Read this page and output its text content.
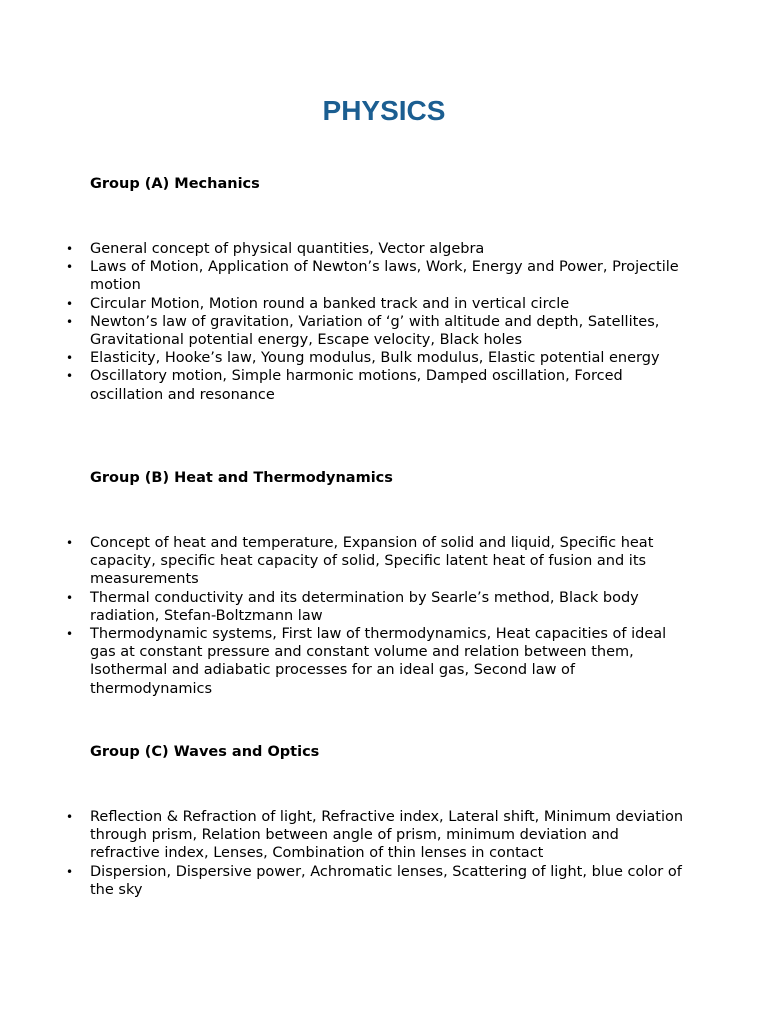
PHYSICS
Group (A) Mechanics
• General concept of physical quantities, Vector algebra
• Laws of Motion, Application of Newton’s laws, Work, Energy and Power, Projectile motion
• Circular Motion, Motion round a banked track and in vertical circle
• Newton’s law of gravitation, Variation of ‘g’ with altitude and depth, Satellites, Gravitational potential energy, Escape velocity, Black holes
• Elasticity, Hooke’s law, Young modulus, Bulk modulus, Elastic potential energy
• Oscillatory motion, Simple harmonic motions, Damped oscillation, Forced oscillation and resonance
Group (B) Heat and Thermodynamics
• Concept of heat and temperature, Expansion of solid and liquid, Specific heat capacity, specific heat capacity of solid, Specific latent heat of fusion and its measurements
• Thermal conductivity and its determination by Searle’s method, Black body radiation, Stefan-Boltzmann law
• Thermodynamic systems, First law of thermodynamics, Heat capacities of ideal gas at constant pressure and constant volume and relation between them, Isothermal and adiabatic processes for an ideal gas, Second law of thermodynamics
Group (C) Waves and Optics
• Reflection & Refraction of light, Refractive index, Lateral shift, Minimum deviation through prism, Relation between angle of prism, minimum deviation and refractive index, Lenses, Combination of thin lenses in contact
• Dispersion, Dispersive power, Achromatic lenses, Scattering of light, blue color of the sky
